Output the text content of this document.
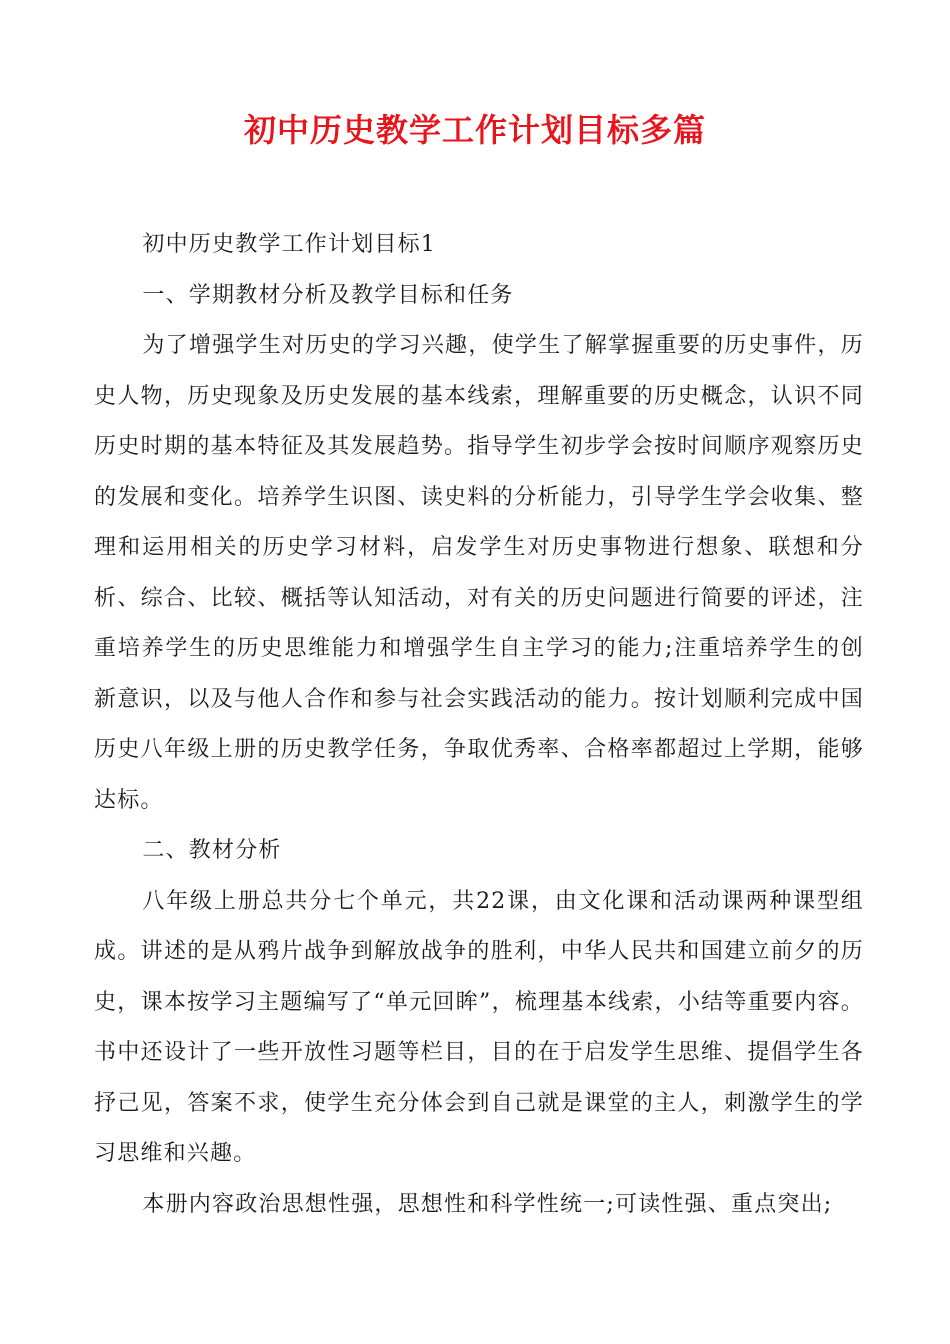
初中历史教学工作计划目标多篇

初中历史教学工作计划目标1

一、学期教材分析及教学目标和任务

为了增强学生对历史的学习兴趣，使学生了解掌握重要的历史事件，历史人物，历史现象及历史发展的基本线索，理解重要的历史概念，认识不同历史时期的基本特征及其发展趋势。指导学生初步学会按时间顺序观察历史的发展和变化。培养学生识图、读史料的分析能力，引导学生学会收集、整理和运用相关的历史学习材料，启发学生对历史事物进行想象、联想和分析、综合、比较、概括等认知活动，对有关的历史问题进行简要的评述，注重培养学生的历史思维能力和增强学生自主学习的能力;注重培养学生的创新意识，以及与他人合作和参与社会实践活动的能力。按计划顺利完成中国历史八年级上册的历史教学任务，争取优秀率、合格率都超过上学期，能够达标。

二、教材分析

八年级上册总共分七个单元，共22课，由文化课和活动课两种课型组成。讲述的是从鸦片战争到解放战争的胜利，中华人民共和国建立前夕的历史，课本按学习主题编写了“单元回眸”，梳理基本线索，小结等重要内容。书中还设计了一些开放性习题等栏目，目的在于启发学生思维、提倡学生各抒己见，答案不求，使学生充分体会到自己就是课堂的主人，刺激学生的学习思维和兴趣。

本册内容政治思想性强，思想性和科学性统一;可读性强、重点突出;
